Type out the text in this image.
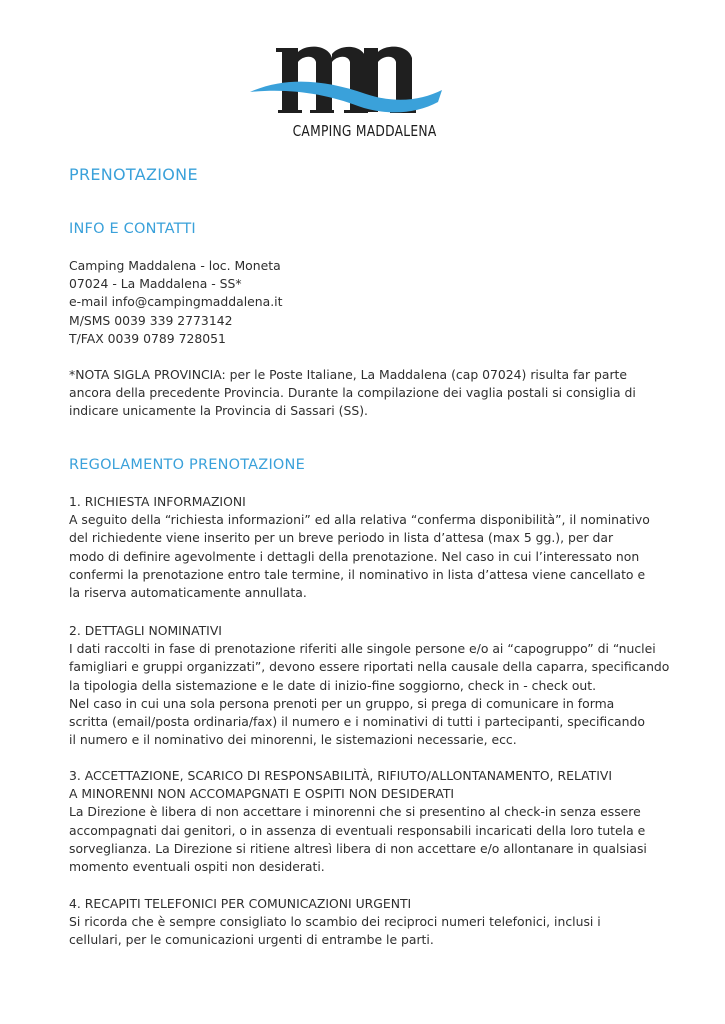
CAMPING MADDALENA
PRENOTAZIONE
INFO E CONTATTI
Camping Maddalena - loc. Moneta
07024 - La Maddalena - SS*
e-mail info@campingmaddalena.it
M/SMS 0039 339 2773142
T/FAX 0039 0789 728051
*NOTA SIGLA PROVINCIA: per le Poste Italiane, La Maddalena (cap 07024) risulta far parte
ancora della precedente Provincia. Durante la compilazione dei vaglia postali si consiglia di
indicare unicamente la Provincia di Sassari (SS).
REGOLAMENTO PRENOTAZIONE
1. RICHIESTA INFORMAZIONI
A seguito della “richiesta informazioni” ed alla relativa “conferma disponibilità”, il nominativo
del richiedente viene inserito per un breve periodo in lista d’attesa (max 5 gg.), per dar
modo di definire agevolmente i dettagli della prenotazione. Nel caso in cui l’interessato non
confermi la prenotazione entro tale termine, il nominativo in lista d’attesa viene cancellato e
la riserva automaticamente annullata.
2. DETTAGLI NOMINATIVI
I dati raccolti in fase di prenotazione riferiti alle singole persone e/o ai “capogruppo” di “nuclei
famigliari e gruppi organizzati”, devono essere riportati nella causale della caparra, specificando
la tipologia della sistemazione e le date di inizio-fine soggiorno, check in - check out.
Nel caso in cui una sola persona prenoti per un gruppo, si prega di comunicare in forma
scritta (email/posta ordinaria/fax) il numero e i nominativi di tutti i partecipanti, specificando
il numero e il nominativo dei minorenni, le sistemazioni necessarie, ecc.
3. ACCETTAZIONE, SCARICO DI RESPONSABILITÀ, RIFIUTO/ALLONTANAMENTO, RELATIVI
A MINORENNI NON ACCOMAPGNATI E OSPITI NON DESIDERATI
La Direzione è libera di non accettare i minorenni che si presentino al check-in senza essere
accompagnati dai genitori, o in assenza di eventuali responsabili incaricati della loro tutela e
sorveglianza. La Direzione si ritiene altresì libera di non accettare e/o allontanare in qualsiasi
momento eventuali ospiti non desiderati.
4. RECAPITI TELEFONICI PER COMUNICAZIONI URGENTI
Si ricorda che è sempre consigliato lo scambio dei reciproci numeri telefonici, inclusi i
cellulari, per le comunicazioni urgenti di entrambe le parti.
